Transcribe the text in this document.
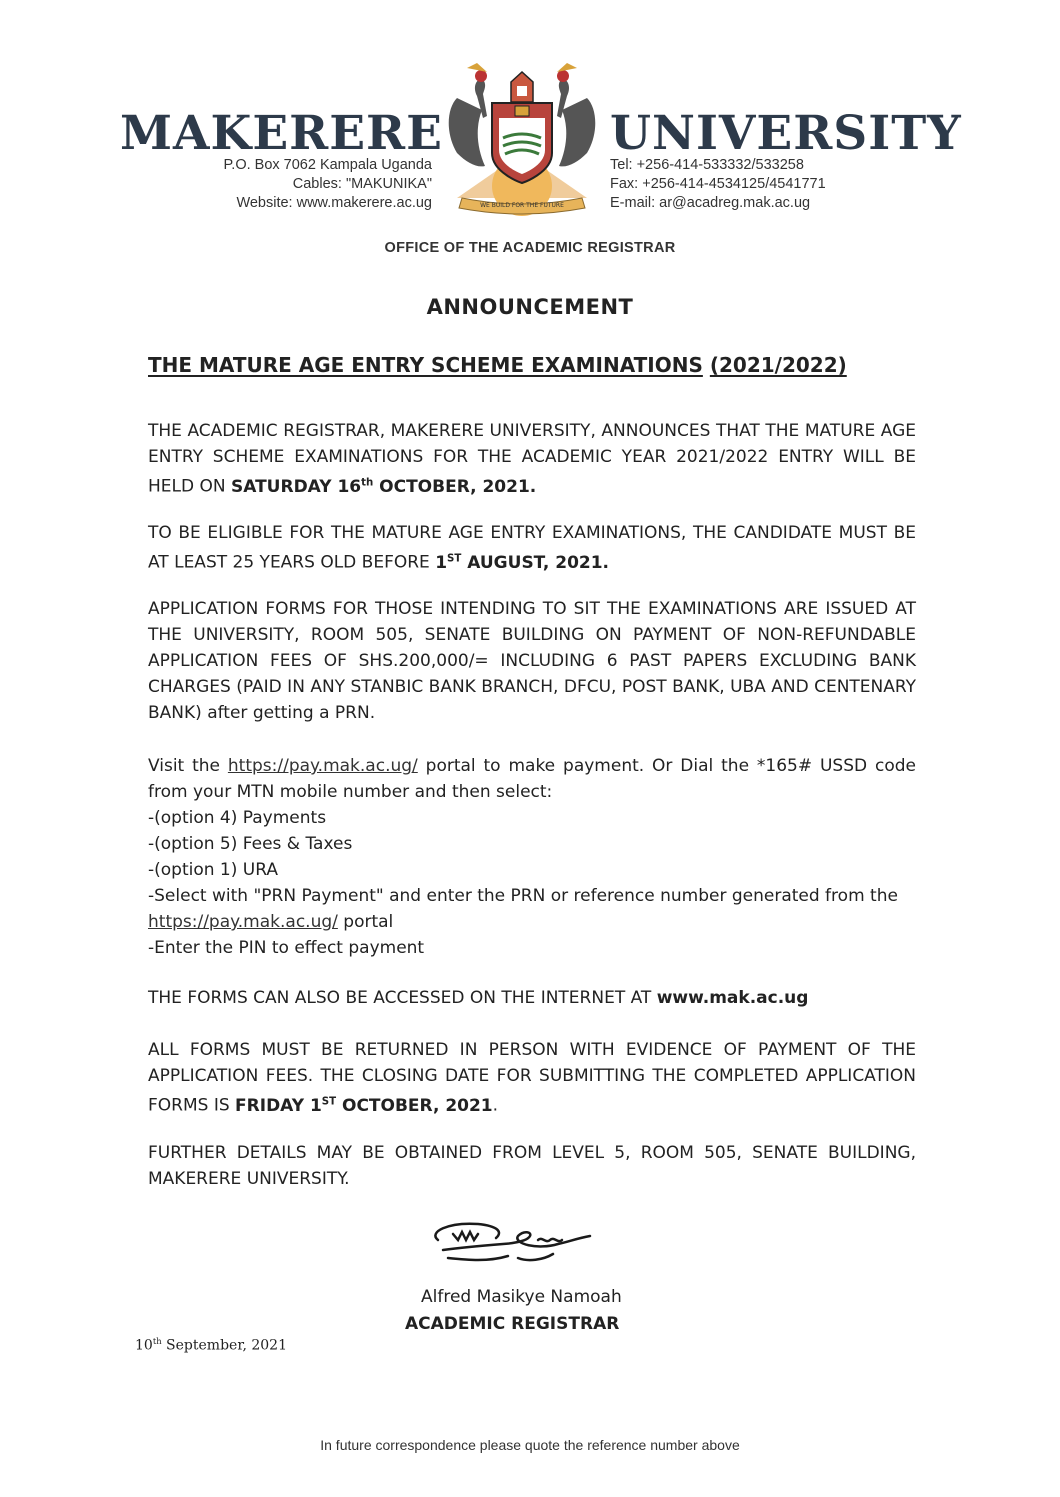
MAKERERE
P.O. Box 7062 Kampala Uganda
Cables: "MAKUNIKA"
Website: www.makerere.ac.ug	WE BUILD FOR THE FUTURE
UNIVERSITY
Tel: +256-414-533332/533258
Fax: +256-414-4534125/4541771
E-mail: ar@acadreg.mak.ac.ug
OFFICE OF THE ACADEMIC REGISTRAR
ANNOUNCEMENT
THE MATURE AGE ENTRY SCHEME EXAMINATIONS (2021/2022)

THE ACADEMIC REGISTRAR, MAKERERE UNIVERSITY, ANNOUNCES THAT THE MATURE AGE ENTRY SCHEME EXAMINATIONS FOR THE ACADEMIC YEAR 2021/2022 ENTRY WILL BE HELD ON SATURDAY 16th OCTOBER, 2021.

TO BE ELIGIBLE FOR THE MATURE AGE ENTRY EXAMINATIONS, THE CANDIDATE MUST BE AT LEAST 25 YEARS OLD BEFORE 1ST AUGUST, 2021.

APPLICATION FORMS FOR THOSE INTENDING TO SIT THE EXAMINATIONS ARE ISSUED AT THE UNIVERSITY, ROOM 505, SENATE BUILDING ON PAYMENT OF NON-REFUNDABLE APPLICATION FEES OF SHS.200,000/= INCLUDING 6 PAST PAPERS EXCLUDING BANK CHARGES (PAID IN ANY STANBIC BANK BRANCH, DFCU, POST BANK, UBA AND CENTENARY BANK) after getting a PRN.

Visit the https://pay.mak.ac.ug/ portal to make payment. Or Dial the *165# USSD code from your MTN mobile number and then select:

-(option 4) Payments

-(option 5) Fees & Taxes

-(option 1) URA

-Select with "PRN Payment" and enter the PRN or reference number generated from the https://pay.mak.ac.ug/ portal

-Enter the PIN to effect payment

THE FORMS CAN ALSO BE ACCESSED ON THE INTERNET AT www.mak.ac.ug

ALL FORMS MUST BE RETURNED IN PERSON WITH EVIDENCE OF PAYMENT OF THE APPLICATION FEES. THE CLOSING DATE FOR SUBMITTING THE COMPLETED APPLICATION FORMS IS FRIDAY 1ST OCTOBER, 2021.

FURTHER DETAILS MAY BE OBTAINED FROM LEVEL 5, ROOM 505, SENATE BUILDING, MAKERERE UNIVERSITY.

Alfred Masikye Namoah
ACADEMIC REGISTRAR
10th September, 2021
In future correspondence please quote the reference number above
